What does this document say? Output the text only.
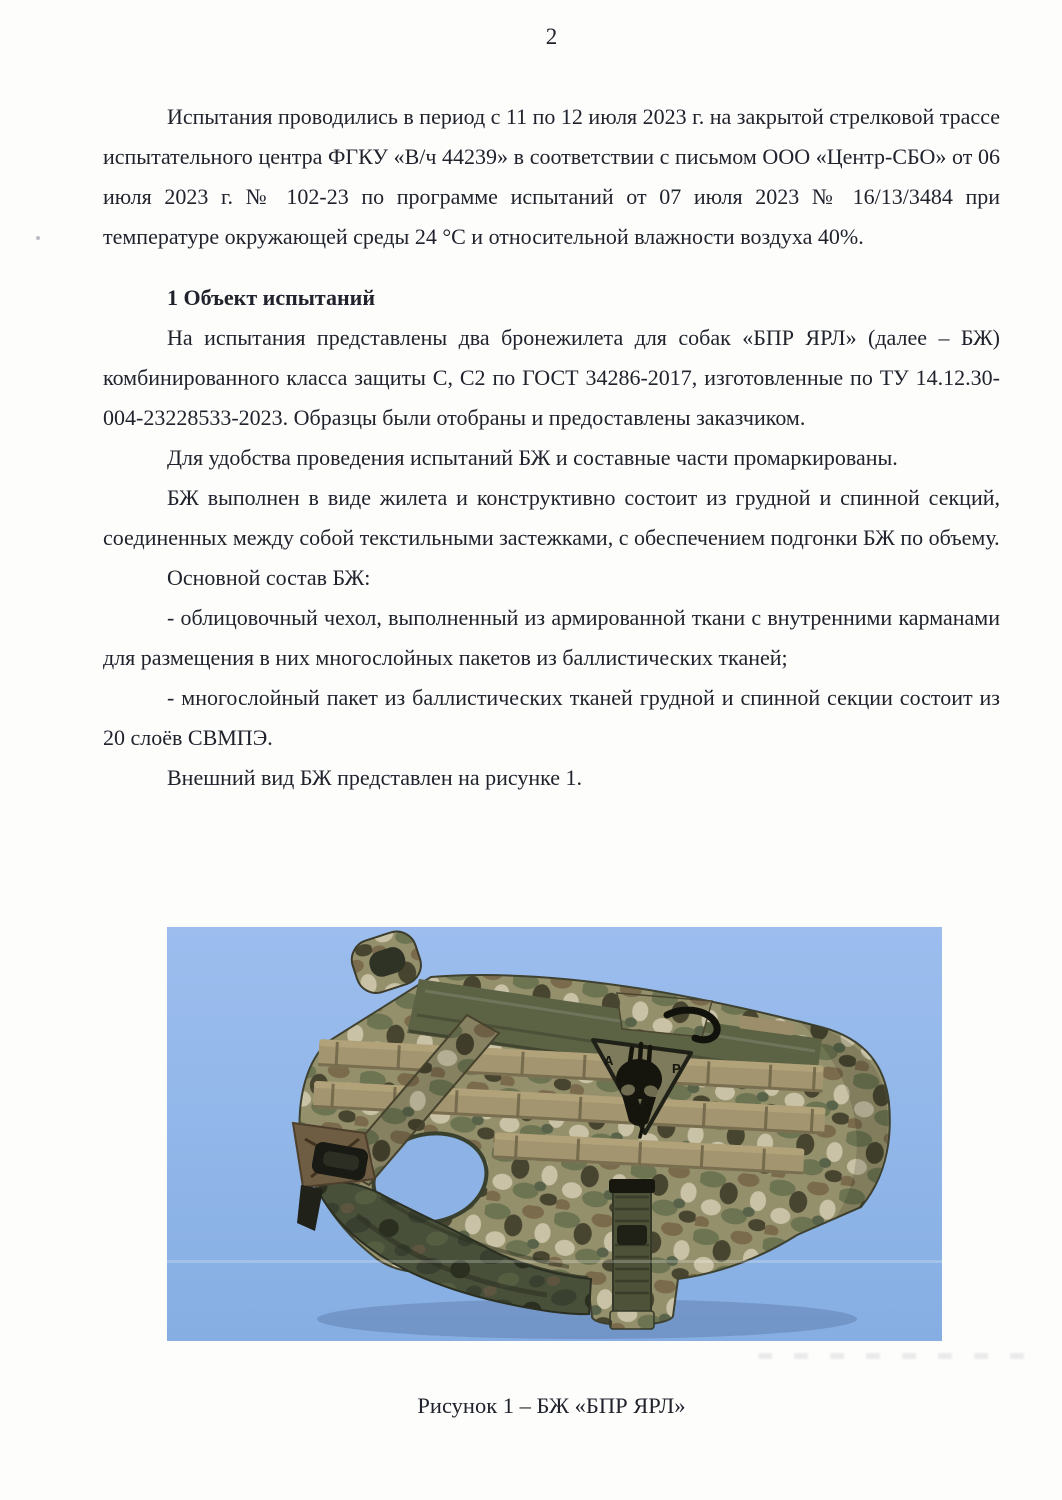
2

Испытания проводились в период с 11 по 12 июля 2023 г. на закрытой стрелковой трассе испытательного центра ФГКУ «В/ч 44239» в соответствии с письмом ООО «Центр-СБО» от 06 июля 2023 г. № 102-23 по программе испытаний от 07 июля 2023 № 16/13/3484 при температуре окружающей среды 24 °С и относительной влажности воздуха 40%.

1 Объект испытаний

На испытания представлены два бронежилета для собак «БПР ЯРЛ» (далее – БЖ) комбинированного класса защиты С, С2 по ГОСТ 34286-2017, изготовленные по ТУ 14.12.30-004-23228533-2023. Образцы были отобраны и предоставлены заказчиком.

Для удобства проведения испытаний БЖ и составные части промаркированы.

БЖ выполнен в виде жилета и конструктивно состоит из грудной и спинной секций, соединенных между собой текстильными застежками, с обеспечением подгонки БЖ по объему.

Основной состав БЖ:

- облицовочный чехол, выполненный из армированной ткани с внутренними карманами для размещения в них многослойных пакетов из баллистических тканей;

- многослойный пакет из баллистических тканей грудной и спинной секции состоит из 20 слоёв СВМПЭ.

Внешний вид БЖ представлен на рисунке 1.

А
Р
Рисунок 1 – БЖ «БПР ЯРЛ»
